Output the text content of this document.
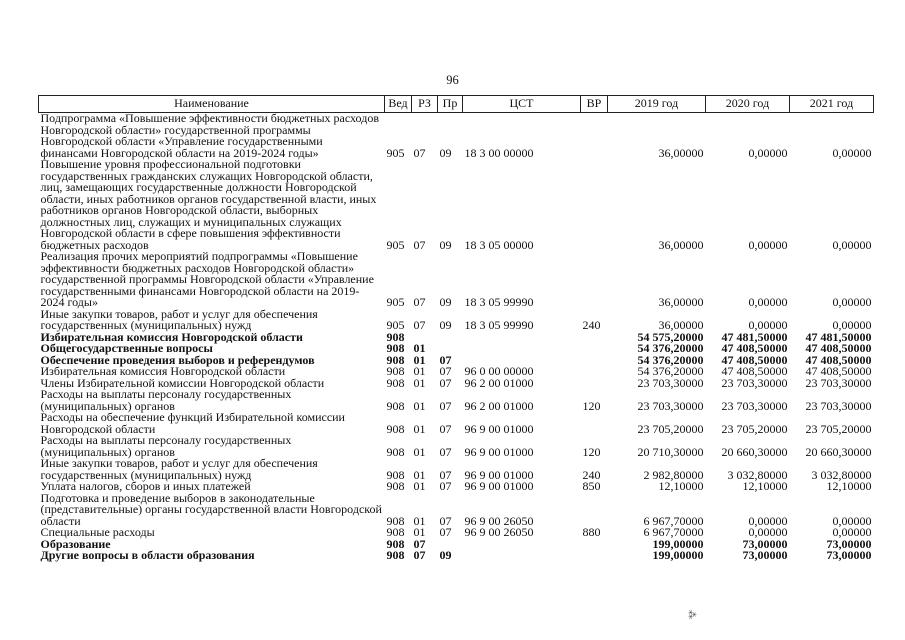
96
Наименование	Вед	РЗ	Пр	ЦСТ	ВР	2019 год	2020 год	2021 год
Подпрограмма «Повышение эффективности бюджетных расходов Новгородской области» государственной программы Новгородской области «Управление государственными финансами Новгородской области на 2019-2024 годы»	905	07	09	18 3 00 00000		36,00000	0,00000	0,00000
Повышение уровня профессиональной подготовки государственных гражданских служащих Новгородской области, лиц, замещающих государственные должности Новгородской области, иных работников органов государственной власти, иных работников органов Новгородской области, выборных должностных лиц, служащих и муниципальных служащих Новгородской области в сфере повышения эффективности бюджетных расходов	905	07	09	18 3 05 00000		36,00000	0,00000	0,00000
Реализация прочих мероприятий подпрограммы «Повышение эффективности бюджетных расходов Новгородской области» государственной программы Новгородской области «Управление государственными финансами Новгородской области на 2019-2024 годы»	905	07	09	18 3 05 99990		36,00000	0,00000	0,00000
Иные закупки товаров, работ и услуг для обеспечения государственных (муниципальных) нужд	905	07	09	18 3 05 99990	240	36,00000	0,00000	0,00000
Избирательная комиссия Новгородской области	908					54 575,20000	47 481,50000	47 481,50000
Общегосударственные вопросы	908	01				54 376,20000	47 408,50000	47 408,50000
Обеспечение проведения выборов и референдумов	908	01	07			54 376,20000	47 408,50000	47 408,50000
Избирательная комиссия Новгородской области	908	01	07	96 0 00 00000		54 376,20000	47 408,50000	47 408,50000
Члены Избирательной комиссии Новгородской области	908	01	07	96 2 00 01000		23 703,30000	23 703,30000	23 703,30000
Расходы на выплаты персоналу государственных (муниципальных) органов	908	01	07	96 2 00 01000	120	23 703,30000	23 703,30000	23 703,30000
Расходы на обеспечение функций Избирательной комиссии Новгородской области	908	01	07	96 9 00 01000		23 705,20000	23 705,20000	23 705,20000
Расходы на выплаты персоналу государственных (муниципальных) органов	908	01	07	96 9 00 01000	120	20 710,30000	20 660,30000	20 660,30000
Иные закупки товаров, работ и услуг для обеспечения государственных (муниципальных) нужд	908	01	07	96 9 00 01000	240	2 982,80000	3 032,80000	3 032,80000
Уплата налогов, сборов и иных платежей	908	01	07	96 9 00 01000	850	12,10000	12,10000	12,10000
Подготовка и проведение выборов в законодательные (представительные) органы государственной власти Новгородской области	908	01	07	96 9 00 26050		6 967,70000	0,00000	0,00000
Специальные расходы	908	01	07	96 9 00 26050	880	6 967,70000	0,00000	0,00000
Образование	908	07				199,00000	73,00000	73,00000
Другие вопросы в области образования	908	07	09			199,00000	73,00000	73,00000
⁂
